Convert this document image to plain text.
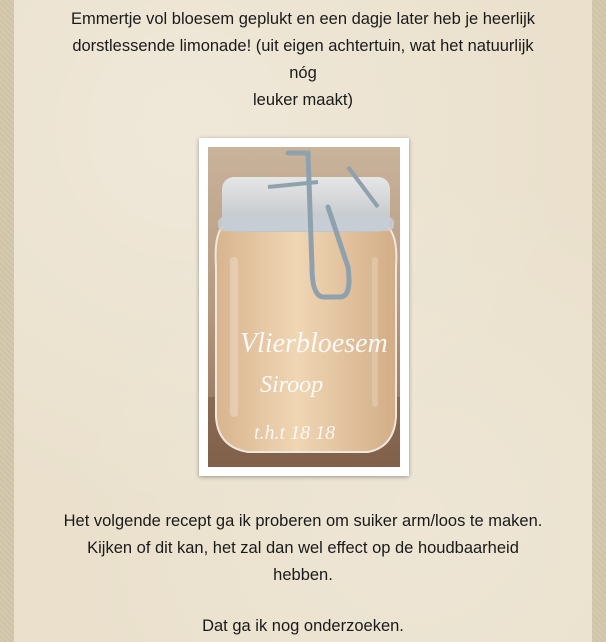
Emmertje vol bloesem geplukt en een dagje later heb je heerlijk

dorstlessende limonade! (uit eigen achtertuin, wat het natuurlijk

nóg

leuker maakt)

Vlierbloesem
Siroop
t.h.t 18 18

Het volgende recept ga ik proberen om suiker arm/loos te maken.

Kijken of dit kan, het zal dan wel effect op de houdbaarheid

hebben.

Dat ga ik nog onderzoeken.
